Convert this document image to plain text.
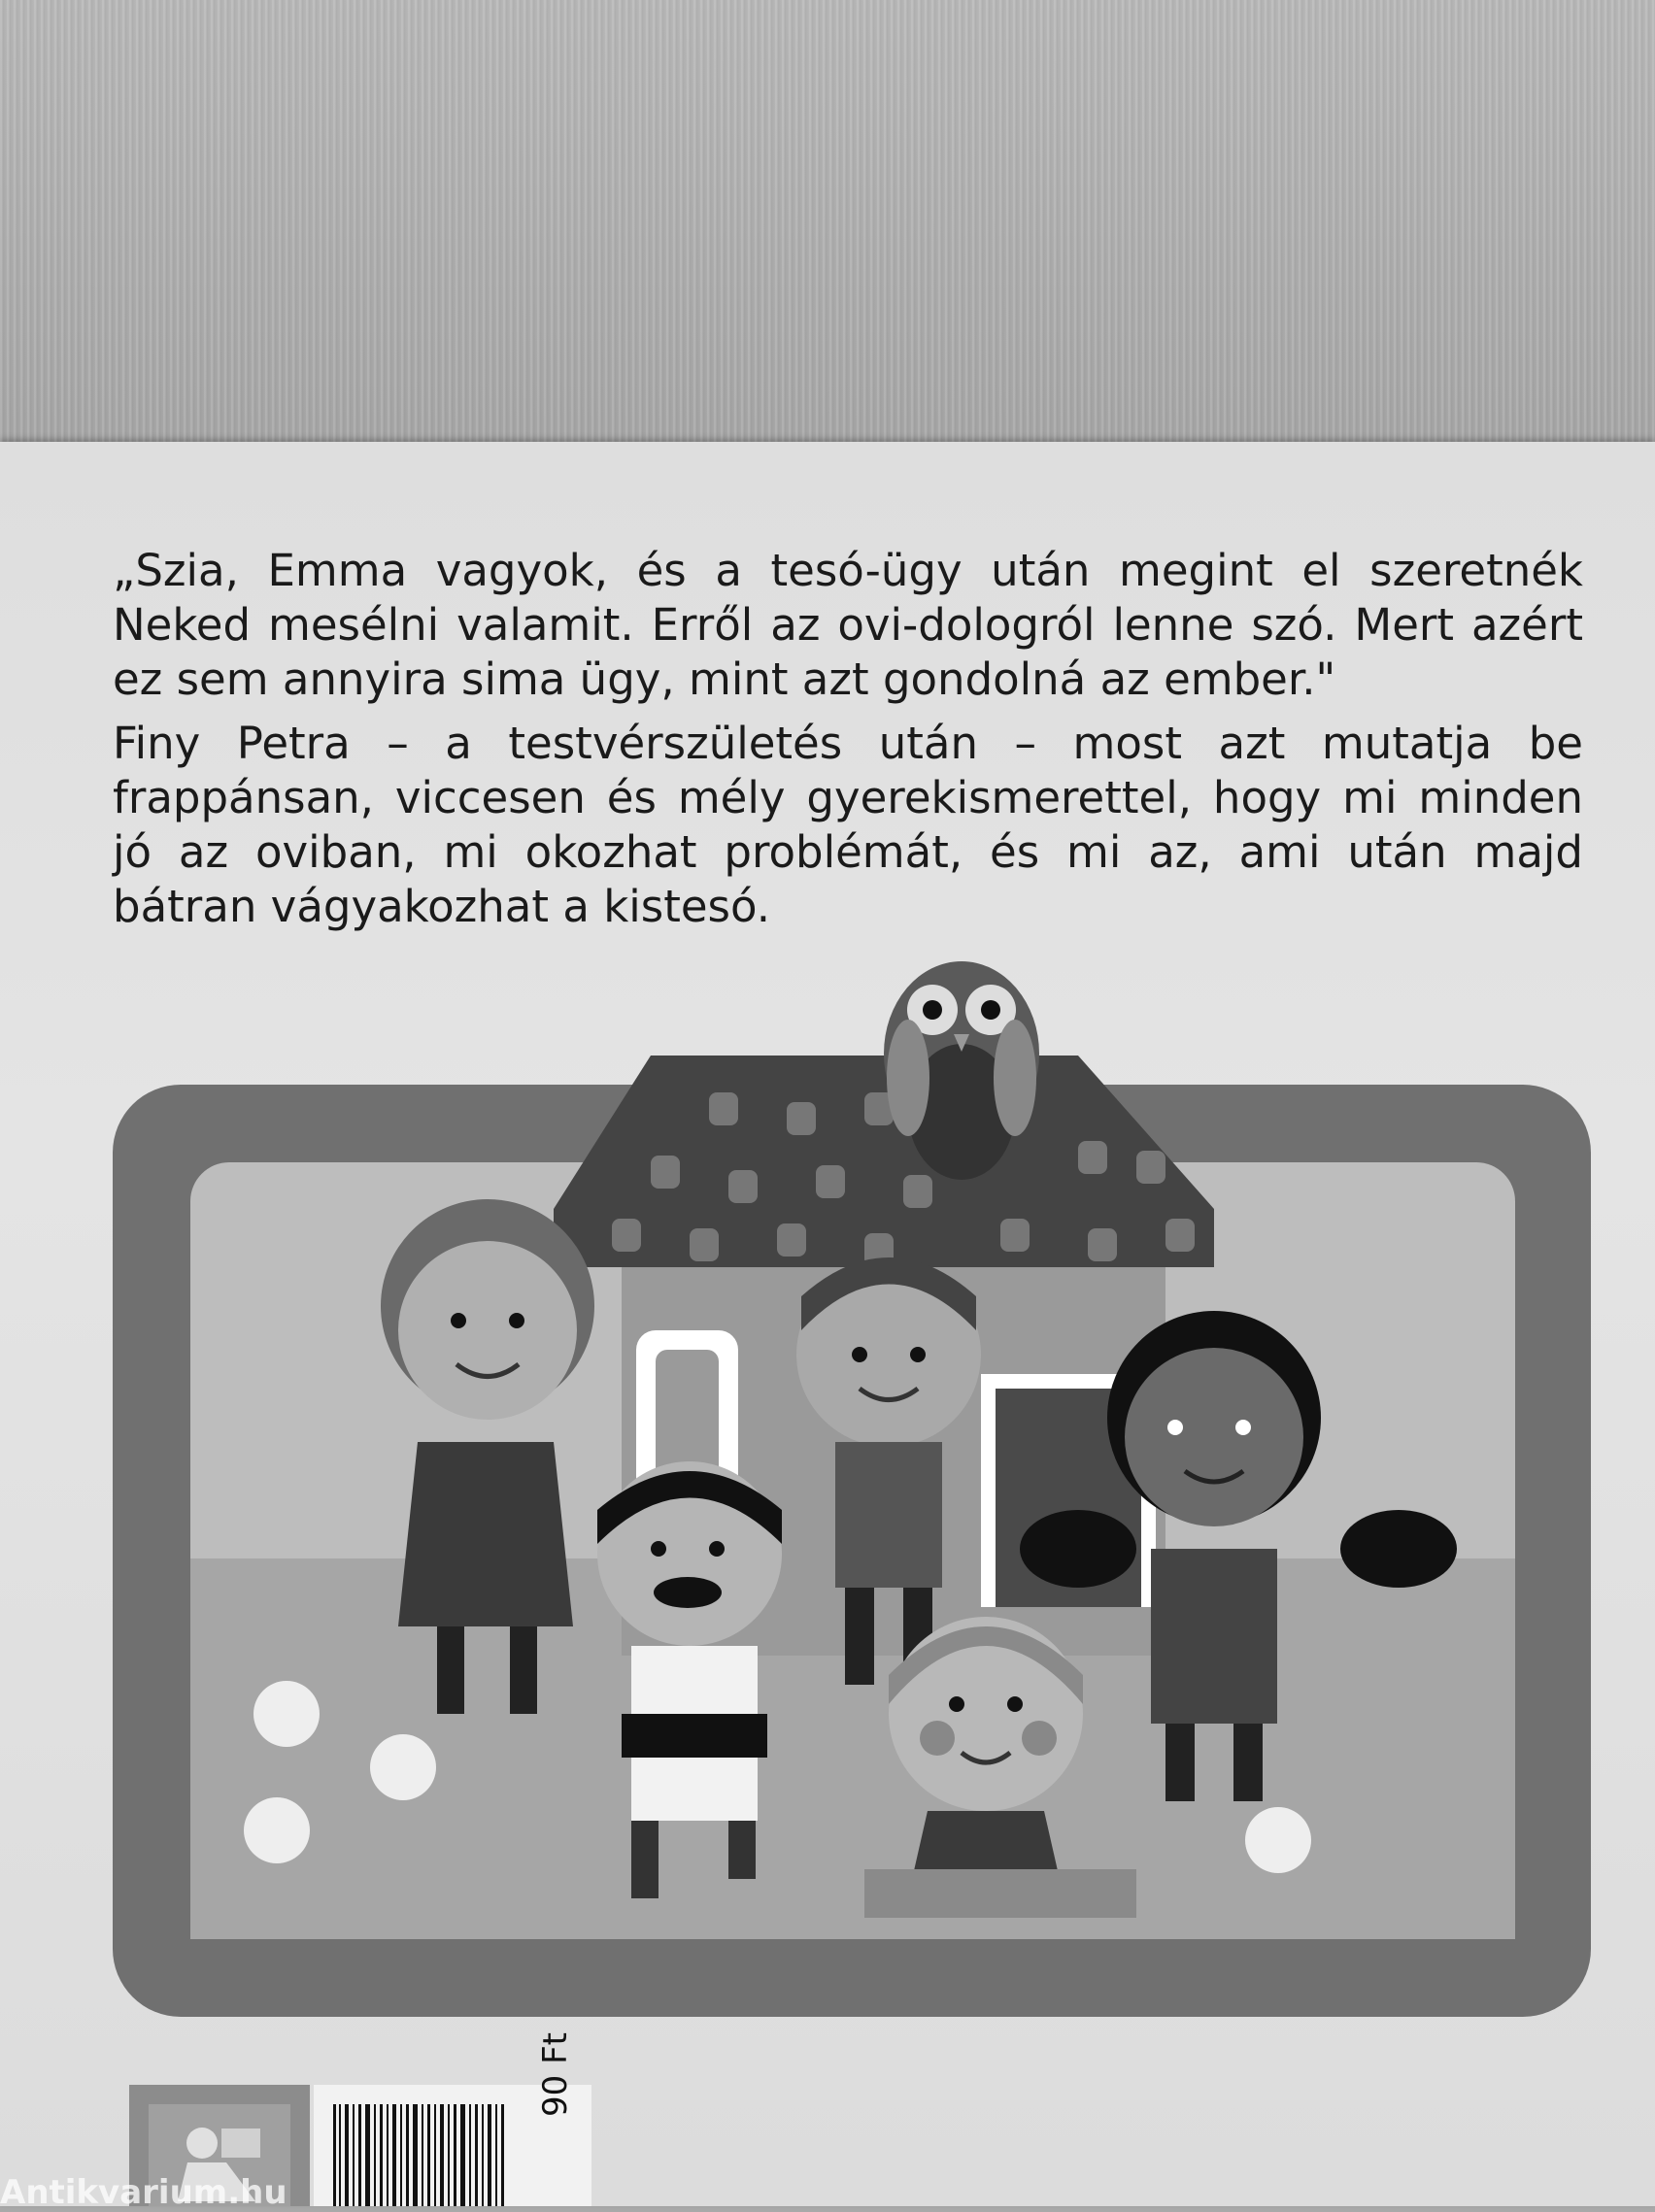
„Szia, Emma vagyok, és a tesó-ügy után megint el szeretnék Neked mesélni valamit. Erről az ovi-dologról lenne szó. Mert azért ez sem annyira sima ügy, mint azt gondolná az ember."

Finy Petra – a testvérszületés után – most azt mutatja be frappánsan, viccesen és mély gyerekismerettel, hogy mi minden jó az oviban, mi okozhat problémát, és mi az, ami után majd bátran vágyakozhat a kistesó.

90 Ft
Antikvarium.hu
